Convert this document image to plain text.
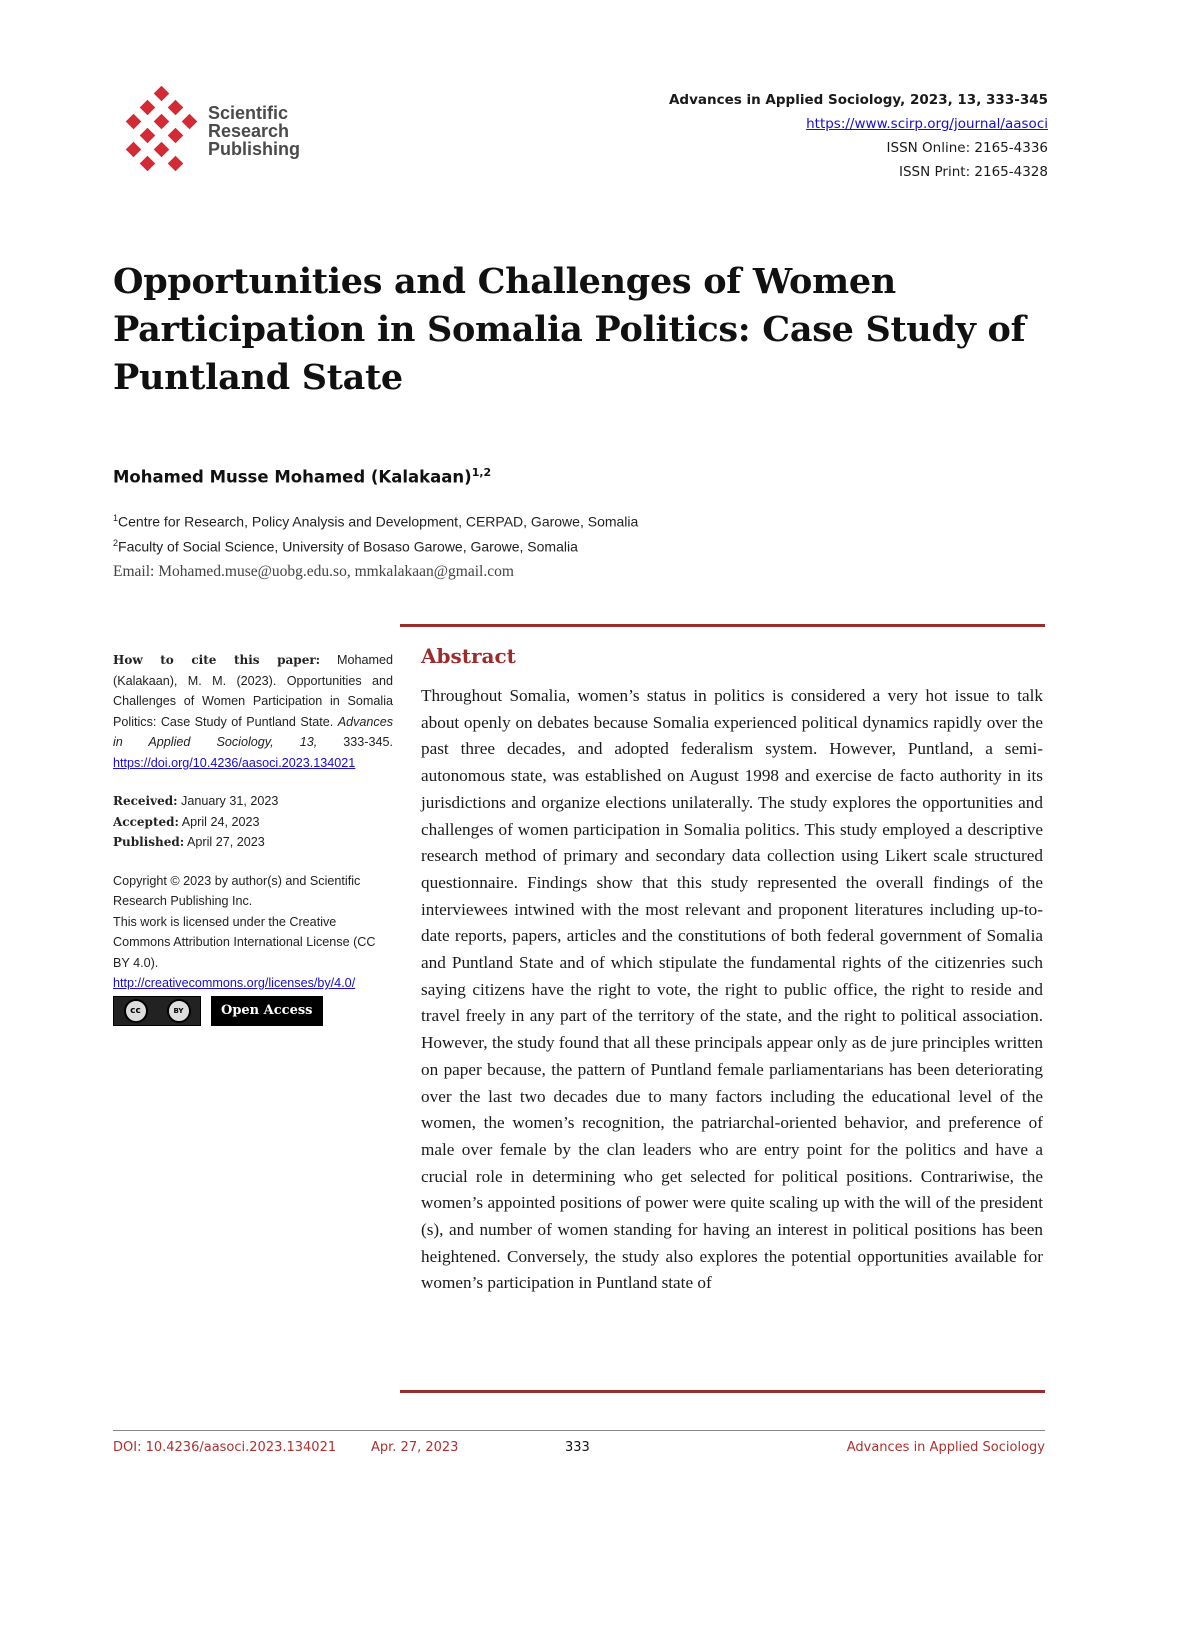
Scientific
Research
Publishing
Advances in Applied Sociology, 2023, 13, 333-345
https://www.scirp.org/journal/aasoci
ISSN Online: 2165-4336
ISSN Print: 2165-4328
Opportunities and Challenges of Women Participation in Somalia Politics: Case Study of Puntland State
Mohamed Musse Mohamed (Kalakaan)$^{1,2}$
$^1$Centre for Research, Policy Analysis and Development, CERPAD, Garowe, Somalia
$^2$Faculty of Social Science, University of Bosaso Garowe, Garowe, Somalia
Email: Mohamed.muse@uobg.edu.so, mmkalakaan@gmail.com
How to cite this paper: Mohamed (Kalakaan), M. M. (2023). Opportunities and Challenges of Women Participation in Somalia Politics: Case Study of Puntland State. Advances in Applied Sociology, 13, 333-345. https://doi.org/10.4236/aasoci.2023.134021
Received: January 31, 2023
Accepted: April 24, 2023
Published: April 27, 2023
Copyright © 2023 by author(s) and Scientific Research Publishing Inc.
This work is licensed under the Creative Commons Attribution International License (CC BY 4.0).
http://creativecommons.org/licenses/by/4.0/
cc	BY	Open Access
Abstract
Throughout Somalia, women’s status in politics is considered a very hot issue to talk about openly on debates because Somalia experienced political dynamics rapidly over the past three decades, and adopted federalism system. However, Puntland, a semi-autonomous state, was established on August 1998 and exercise de facto authority in its jurisdictions and organize elections unilaterally. The study explores the opportunities and challenges of women participation in Somalia politics. This study employed a descriptive research method of primary and secondary data collection using Likert scale structured questionnaire. Findings show that this study represented the overall findings of the interviewees intwined with the most relevant and proponent literatures including up-to-date reports, papers, articles and the constitutions of both federal government of Somalia and Puntland State and of which stipulate the fundamental rights of the citizenries such saying citizens have the right to vote, the right to public office, the right to reside and travel freely in any part of the territory of the state, and the right to political association. However, the study found that all these principals appear only as de jure principles written on paper because, the pattern of Puntland female parliamentarians has been deteriorating over the last two decades due to many factors including the educational level of the women, the women’s recognition, the patriarchal-oriented behavior, and preference of male over female by the clan leaders who are entry point for the politics and have a crucial role in determining who get selected for political positions. Contrariwise, the women’s appointed positions of power were quite scaling up with the will of the president (s), and number of women standing for having an interest in political positions has been heightened. Conversely, the study also explores the potential opportunities available for women’s participation in Puntland state of
DOI: 10.4236/aasoci.2023.134021	Apr. 27, 2023	333	Advances in Applied Sociology
